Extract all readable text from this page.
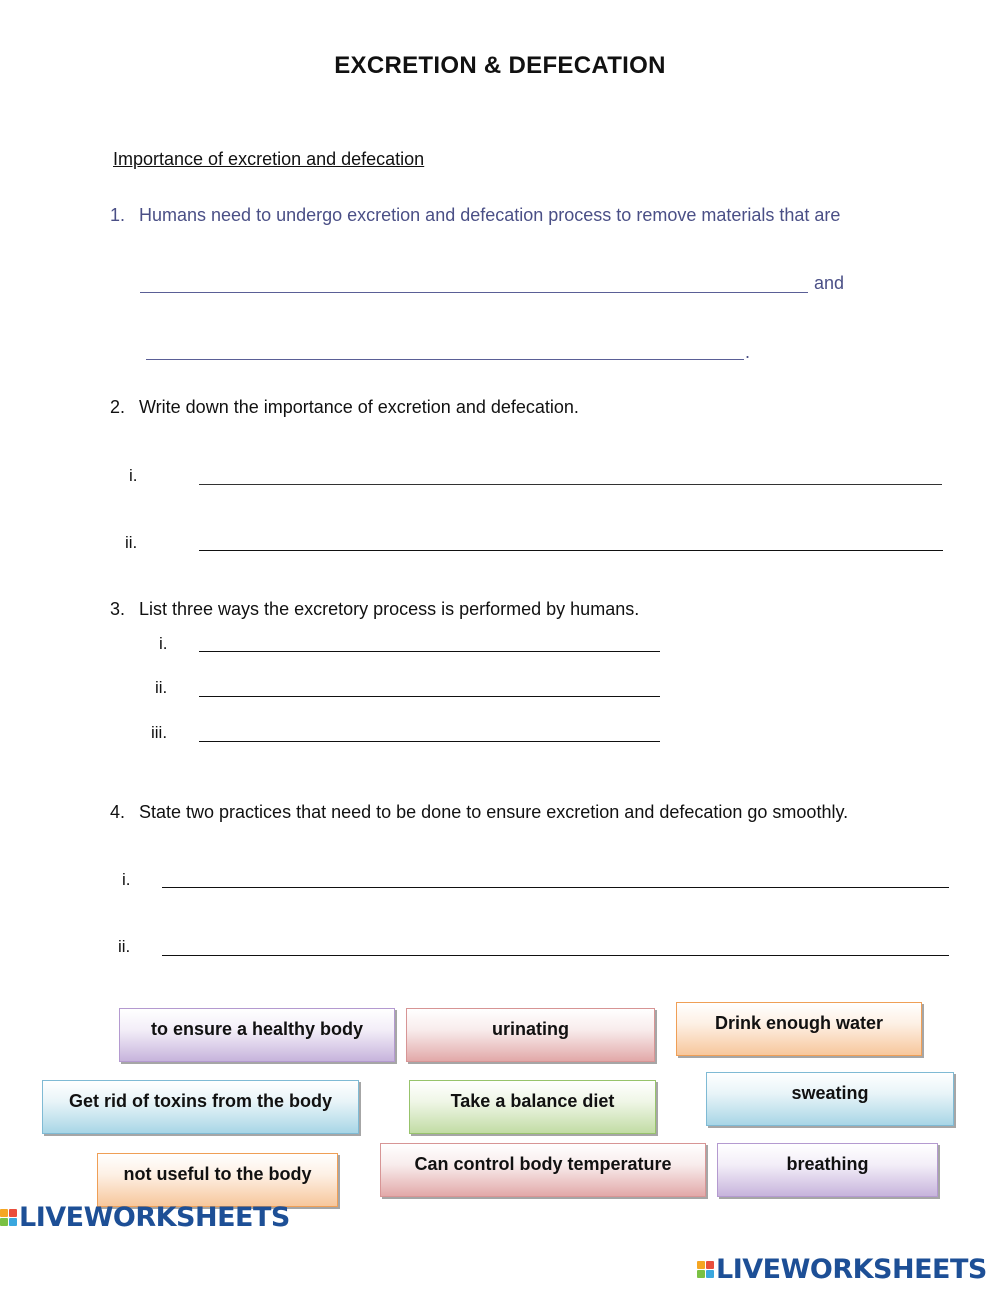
EXCRETION & DEFECATION
Importance of excretion and defecation
1. Humans need to undergo excretion and defecation process to remove materials that are
and
.
2. Write down the importance of excretion and defecation.
i.
ii.
3. List three ways the excretory process is performed by humans.
i.
ii.
iii.
4. State two practices that need to be done to ensure excretion and defecation go smoothly.
i.
ii.
to ensure a healthy body	urinating	Drink enough water
Get rid of toxins from the body	Take a balance diet	sweating
not useful to the body	Can control body temperature	breathing
LIVEWORKSHEETS
LIVEWORKSHEETS
